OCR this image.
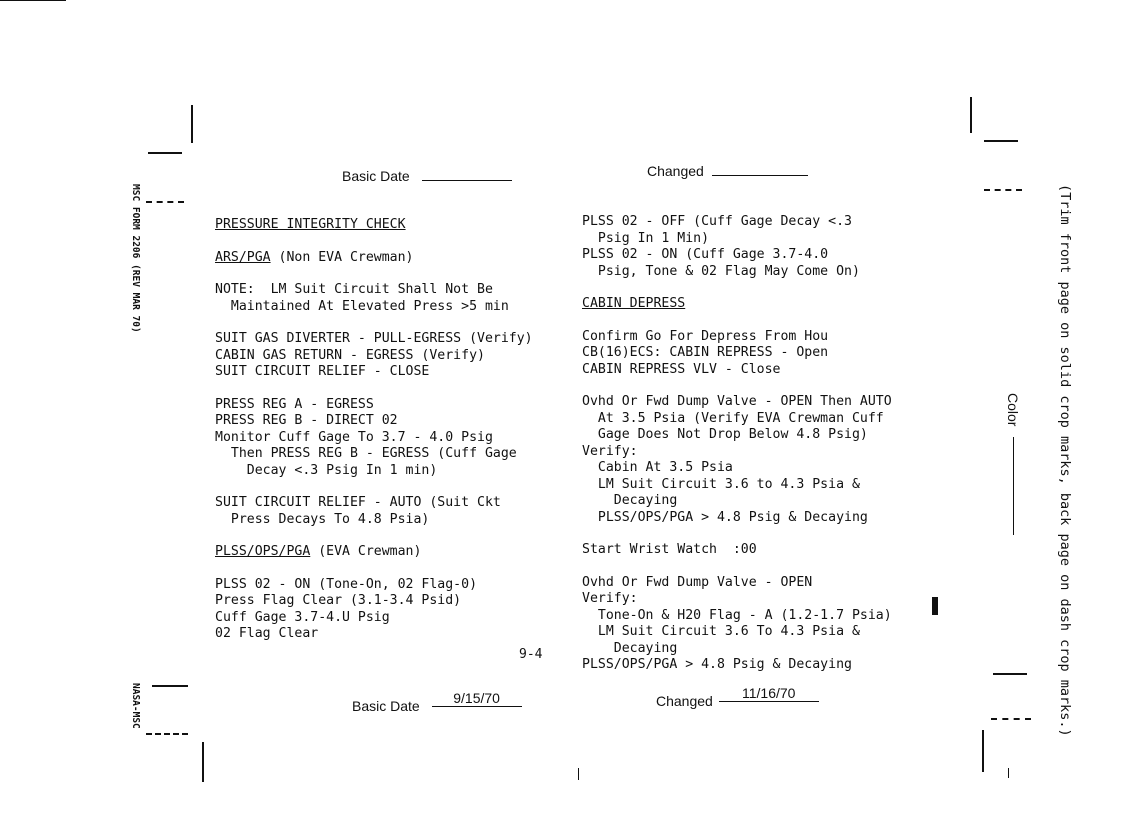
Basic Date	Changed
MSC FORM 2206 (REV MAR 70)
NASA-MSC	(Trim front page on solid crop marks, back page on dash crop marks.)
Color
PRESSURE INTEGRITY CHECK

ARS/PGA (Non EVA Crewman)
NOTE:  LM Suit Circuit Shall Not Be
Maintained At Elevated Press >5 min
SUIT GAS DIVERTER - PULL-EGRESS (Verify)
CABIN GAS RETURN - EGRESS (Verify)
SUIT CIRCUIT RELIEF - CLOSE
PRESS REG A - EGRESS
PRESS REG B - DIRECT 02
Monitor Cuff Gage To 3.7 - 4.0 Psig
Then PRESS REG B - EGRESS (Cuff Gage
Decay <.3 Psig In 1 min)
SUIT CIRCUIT RELIEF - AUTO (Suit Ckt
Press Decays To 4.8 Psia)
PLSS/OPS/PGA (EVA Crewman)
PLSS 02 - ON (Tone-On, 02 Flag-0)
Press Flag Clear (3.1-3.4 Psid)
Cuff Gage 3.7-4.U Psig
02 Flag Clear
PLSS 02 - OFF (Cuff Gage Decay <.3
Psig In 1 Min)
PLSS 02 - ON (Cuff Gage 3.7-4.0
Psig, Tone & 02 Flag May Come On)
CABIN DEPRESS

Confirm Go For Depress From Hou
CB(16)ECS: CABIN REPRESS - Open
CABIN REPRESS VLV - Close
Ovhd Or Fwd Dump Valve - OPEN Then AUTO
At 3.5 Psia (Verify EVA Crewman Cuff
Gage Does Not Drop Below 4.8 Psig)
Verify:
Cabin At 3.5 Psia
LM Suit Circuit 3.6 to 4.3 Psia &
Decaying
PLSS/OPS/PGA > 4.8 Psig & Decaying
Start Wrist Watch  :00
Ovhd Or Fwd Dump Valve - OPEN
Verify:
Tone-On & H20 Flag - A (1.2-1.7 Psia)
LM Suit Circuit 3.6 To 4.3 Psia &
Decaying
PLSS/OPS/PGA > 4.8 Psig & Decaying
9-4
Basic Date 9/15/70	Changed 11/16/70
